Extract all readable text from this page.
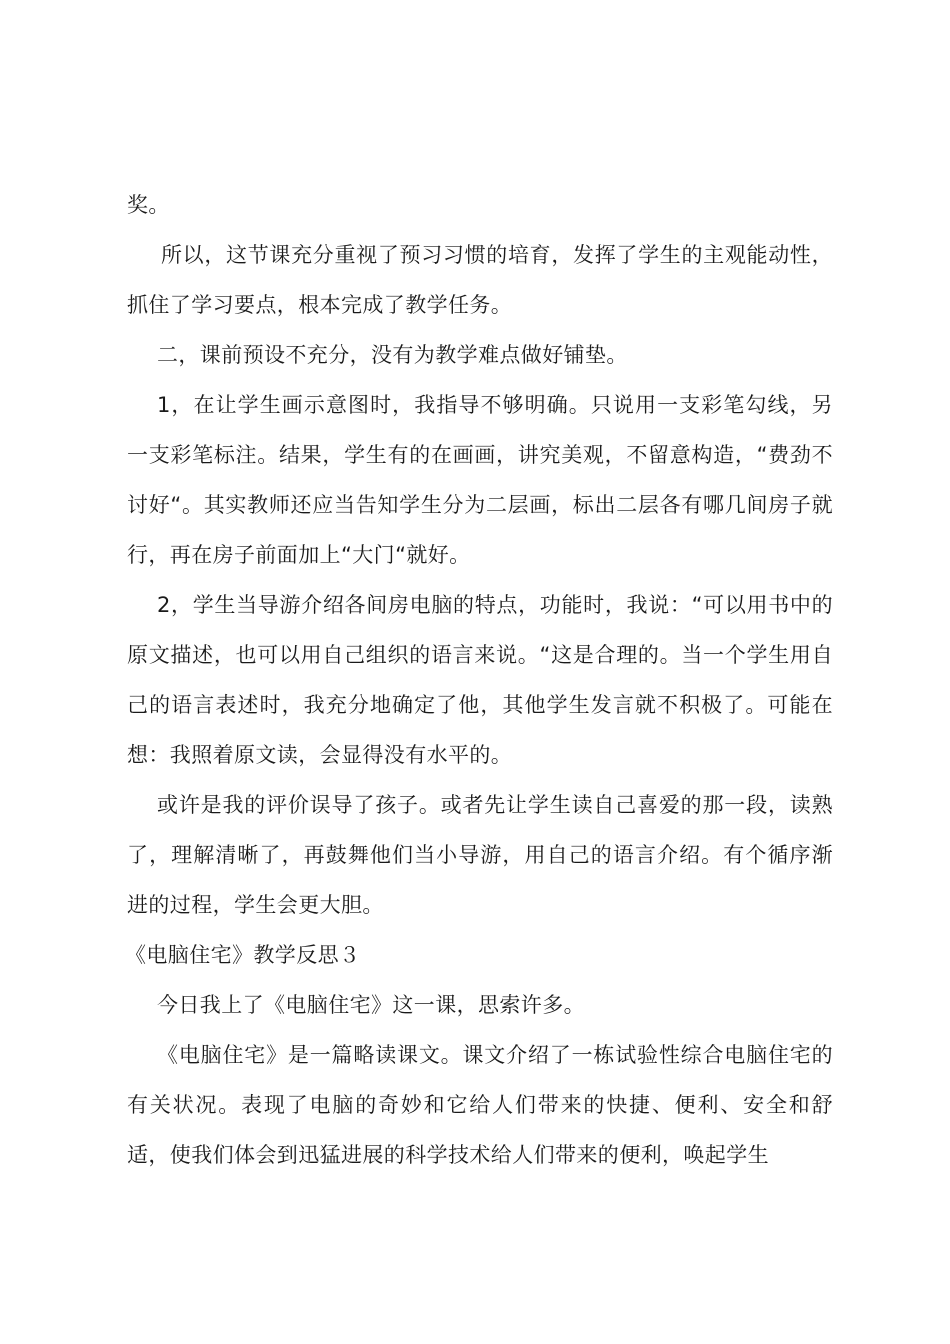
奖。

所以，这节课充分重视了预习习惯的培育，发挥了学生的主观能动性，抓住了学习要点，根本完成了教学任务。

二，课前预设不充分，没有为教学难点做好铺垫。

1，在让学生画示意图时，我指导不够明确。只说用一支彩笔勾线，另一支彩笔标注。结果，学生有的在画画，讲究美观，不留意构造，“费劲不讨好“。其实教师还应当告知学生分为二层画，标出二层各有哪几间房子就行，再在房子前面加上“大门“就好。

2，学生当导游介绍各间房电脑的特点，功能时，我说：“可以用书中的原文描述，也可以用自己组织的语言来说。“这是合理的。当一个学生用自己的语言表述时，我充分地确定了他，其他学生发言就不积极了。可能在想：我照着原文读，会显得没有水平的。

或许是我的评价误导了孩子。或者先让学生读自己喜爱的那一段，读熟了，理解清晰了，再鼓舞他们当小导游，用自己的语言介绍。有个循序渐进的过程，学生会更大胆。

《电脑住宅》教学反思３

今日我上了《电脑住宅》这一课，思索许多。

《电脑住宅》是一篇略读课文。课文介绍了一栋试验性综合电脑住宅的有关状况。表现了电脑的奇妙和它给人们带来的快捷、便利、安全和舒适，使我们体会到迅猛进展的科学技术给人们带来的便利，唤起学生
